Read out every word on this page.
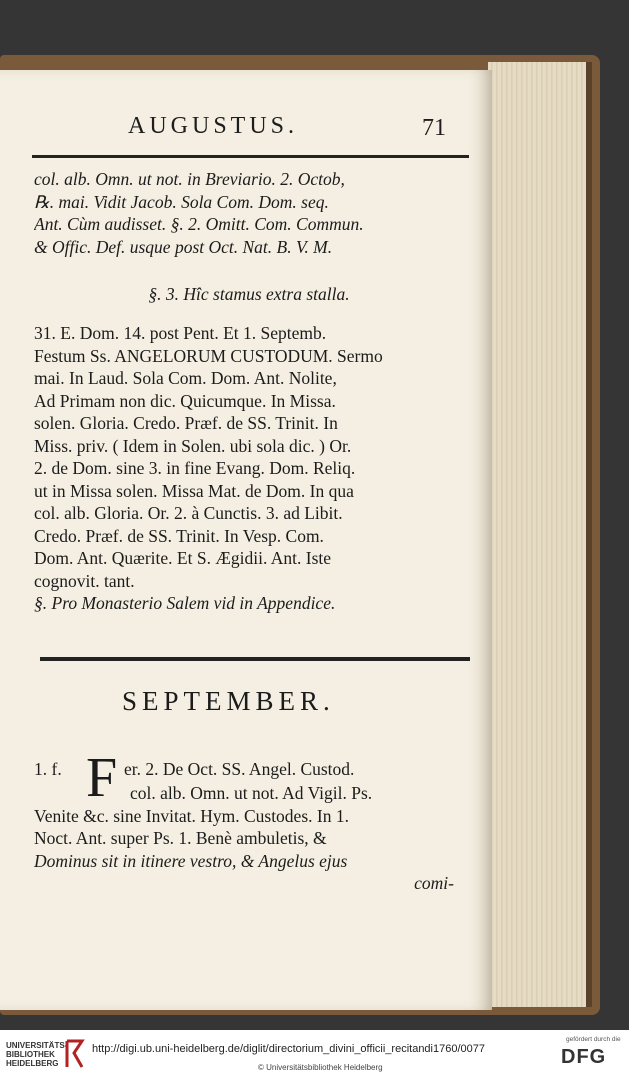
AUGUSTUS.	71
col. alb. Omn. ut not. in Breviario. 2. Octob,
℞. mai. Vidit Jacob. Sola Com. Dom. seq.
Ant. Cùm audisset. §. 2. Omitt. Com. Commun.
& Offic. Def. usque post Oct. Nat. B. V. M.
§. 3. Hîc stamus extra stalla.
31. E. Dom. 14. post Pent. Et 1. Septemb.
Festum Ss. ANGELORUM CUSTODUM. Sermo
mai. In Laud. Sola Com. Dom. Ant. Nolite,
Ad Primam non dic. Quicumque. In Missa.
solen. Gloria. Credo. Præf. de SS. Trinit. In
Miss. priv. ( Idem in Solen. ubi sola dic. ) Or.
2. de Dom. sine 3. in fine Evang. Dom. Reliq.
ut in Missa solen. Missa Mat. de Dom. In qua
col. alb. Gloria. Or. 2. à Cunctis. 3. ad Libit.
Credo. Præf. de SS. Trinit. In Vesp. Com.
Dom. Ant. Quærite. Et S. Ægidii. Ant. Iste
cognovit. tant.
§. Pro Monasterio Salem vid in Appendice.
SEPTEMBER.
F
1. f.	er. 2. De Oct. SS. Angel. Custod.
col. alb. Omn. ut not. Ad Vigil. Ps.
Venite &c. sine Invitat. Hym. Custodes. In 1.
Noct. Ant. super Ps. 1. Benè ambuletis, &
Dominus sit in itinere vestro, & Angelus ejus
comi-
UNIVERSITÄTS-
BIBLIOTHEK
HEIDELBERG
http://digi.ub.uni-heidelberg.de/diglit/directorium_divini_officii_recitandi1760/0077
© Universitätsbibliothek Heidelberg
gefördert durch die
DFG
